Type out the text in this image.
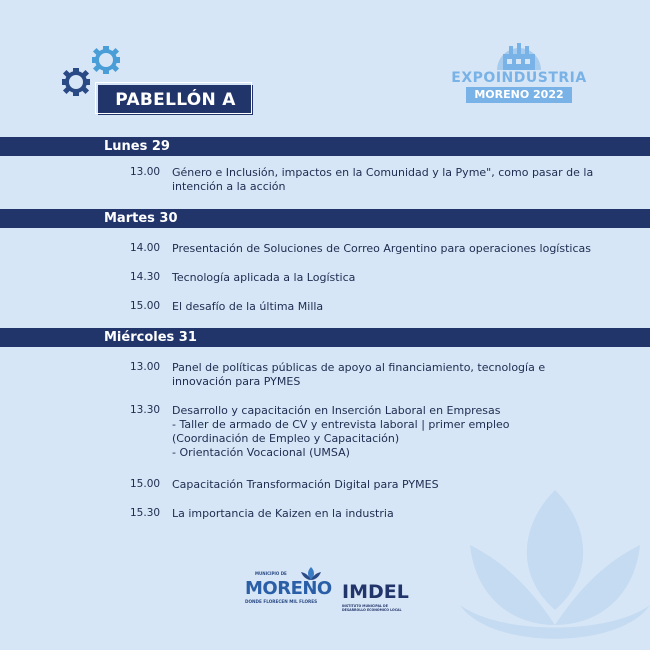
PABELLÓN A
EXPOINDUSTRIA
MORENO 2022
Lunes 29
13.00 Género e Inclusión, impactos en la Comunidad y la Pyme", como pasar de la
intención a la acción
Martes 30
14.00 Presentación de Soluciones de Correo Argentino para operaciones logísticas
14.30 Tecnología aplicada a la Logística
15.00 El desafío de la última Milla
Miércoles 31
13.00 Panel de políticas públicas de apoyo al financiamiento, tecnología e
innovación para PYMES
13.30 Desarrollo y capacitación en Inserción Laboral en Empresas
- Taller de armado de CV y entrevista laboral | primer empleo
(Coordinación de Empleo y Capacitación)
- Orientación Vocacional (UMSA)
15.00 Capacitación Transformación Digital para PYMES
15.30 La importancia de Kaizen en la industria
MUNICIPIO DE
MORENO
DONDE FLORECEN MIL FLORES	IMDEL
INSTITUTO MUNICIPAL DE DESARROLLO ECONÓMICO LOCAL
